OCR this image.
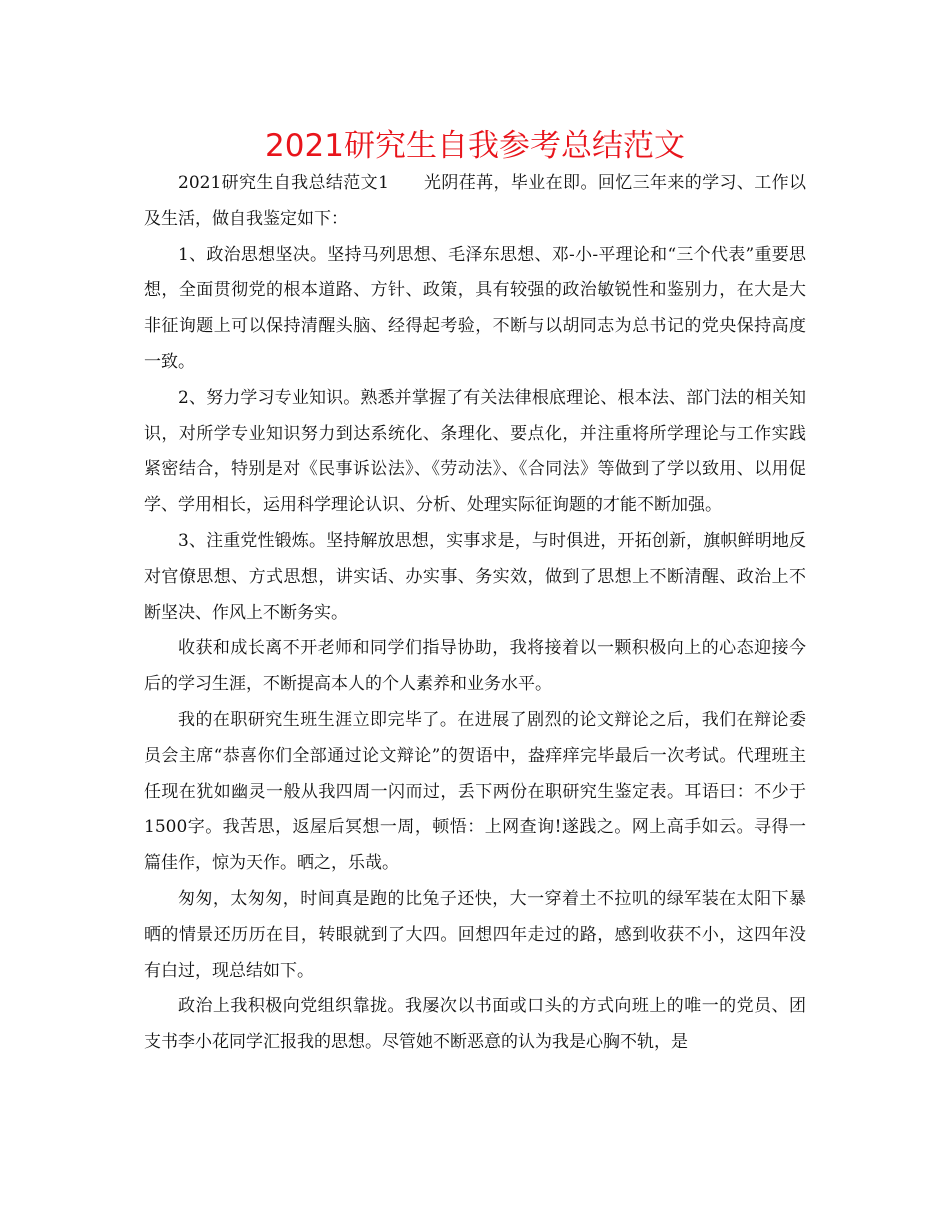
2021研究生自我参考总结范文

2021研究生自我总结范文1　　光阴荏苒，毕业在即。回忆三年来的学习、工作以及生活，做自我鉴定如下：

1、政治思想坚决。坚持马列思想、毛泽东思想、邓-小-平理论和“三个代表”重要思想，全面贯彻党的根本道路、方针、政策，具有较强的政治敏锐性和鉴别力，在大是大非征询题上可以保持清醒头脑、经得起考验，不断与以胡同志为总书记的党央保持高度一致。

2、努力学习专业知识。熟悉并掌握了有关法律根底理论、根本法、部门法的相关知识，对所学专业知识努力到达系统化、条理化、要点化，并注重将所学理论与工作实践紧密结合，特别是对《民事诉讼法》、《劳动法》、《合同法》等做到了学以致用、以用促学、学用相长，运用科学理论认识、分析、处理实际征询题的才能不断加强。

3、注重党性锻炼。坚持解放思想，实事求是，与时俱进，开拓创新，旗帜鲜明地反对官僚思想、方式思想，讲实话、办实事、务实效，做到了思想上不断清醒、政治上不断坚决、作风上不断务实。

收获和成长离不开老师和同学们指导协助，我将接着以一颗积极向上的心态迎接今后的学习生涯，不断提高本人的个人素养和业务水平。

我的在职研究生班生涯立即完毕了。在进展了剧烈的论文辩论之后，我们在辩论委员会主席“恭喜你们全部通过论文辩论”的贺语中，盎痒痒完毕最后一次考试。代理班主任现在犹如幽灵一般从我四周一闪而过，丢下两份在职研究生鉴定表。耳语曰：不少于1500字。我苦思，返屋后冥想一周，顿悟：上网查询!遂践之。网上高手如云。寻得一篇佳作，惊为天作。晒之，乐哉。

匆匆，太匆匆，时间真是跑的比兔子还快，大一穿着土不拉叽的绿军装在太阳下暴晒的情景还历历在目，转眼就到了大四。回想四年走过的路，感到收获不小，这四年没有白过，现总结如下。

政治上我积极向党组织靠拢。我屡次以书面或口头的方式向班上的唯一的党员、团支书李小花同学汇报我的思想。尽管她不断恶意的认为我是心胸不轨，是
